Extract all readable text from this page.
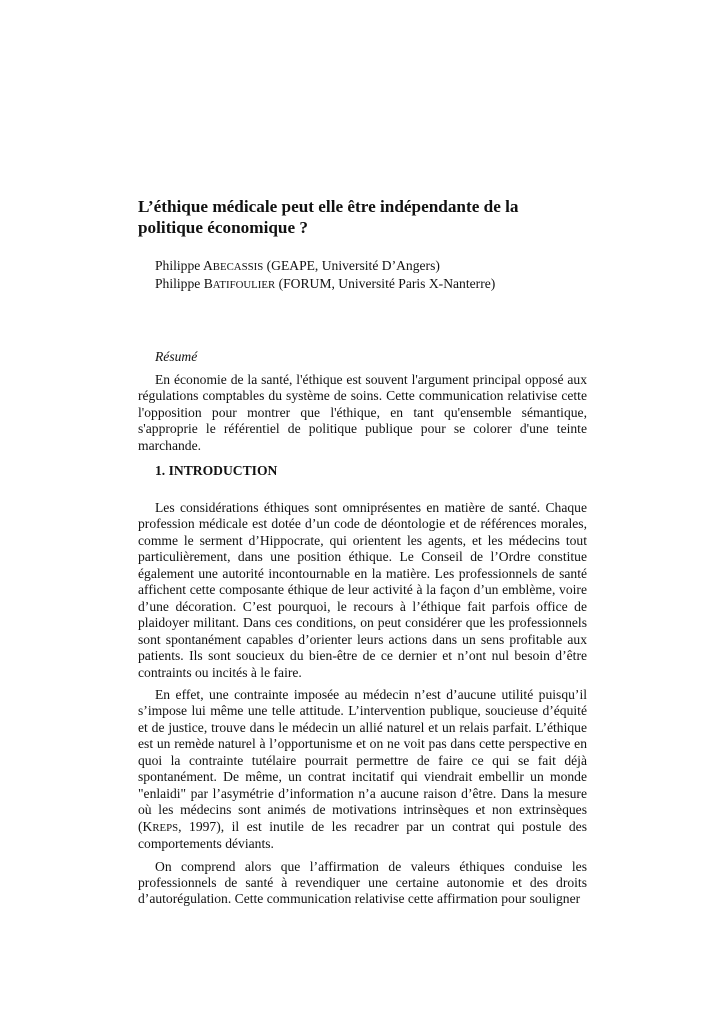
L’éthique médicale peut elle être indépendante de la politique économique ?
Philippe ABECASSIS (GEAPE, Université D’Angers)
Philippe BATIFOULIER (FORUM, Université Paris X-Nanterre)
Résumé

En économie de la santé, l'éthique est souvent l'argument principal opposé aux régulations comptables du système de soins. Cette communication relativise cette l'opposition pour montrer que l'éthique, en tant qu'ensemble sémantique, s'approprie le référentiel de politique publique pour se colorer d'une teinte marchande.

1. INTRODUCTION

Les considérations éthiques sont omniprésentes en matière de santé. Chaque profession médicale est dotée d’un code de déontologie et de références morales, comme le serment d’Hippocrate, qui orientent les agents, et les médecins tout particulièrement, dans une position éthique. Le Conseil de l’Ordre constitue également une autorité incontournable en la matière. Les professionnels de santé affichent cette composante éthique de leur activité à la façon d’un emblème, voire d’une décoration. C’est pourquoi, le recours à l’éthique fait parfois office de plaidoyer militant. Dans ces conditions, on peut considérer que les professionnels sont spontanément capables d’orienter leurs actions dans un sens profitable aux patients. Ils sont soucieux du bien-être de ce dernier et n’ont nul besoin d’être contraints ou incités à le faire.

En effet, une contrainte imposée au médecin n’est d’aucune utilité puisqu’il s’impose lui même une telle attitude. L’intervention publique, soucieuse d’équité et de justice, trouve dans le médecin un allié naturel et un relais parfait. L’éthique est un remède naturel à l’opportunisme et on ne voit pas dans cette perspective en quoi la contrainte tutélaire pourrait permettre de faire ce qui se fait déjà spontanément. De même, un contrat incitatif qui viendrait embellir un monde "enlaidi" par l’asymétrie d’information n’a aucune raison d’être. Dans la mesure où les médecins sont animés de motivations intrinsèques et non extrinsèques (KREPS, 1997), il est inutile de les recadrer par un contrat qui postule des comportements déviants.

On comprend alors que l’affirmation de valeurs éthiques conduise les professionnels de santé à revendiquer une certaine autonomie et des droits d’autorégulation. Cette communication relativise cette affirmation pour souligner
